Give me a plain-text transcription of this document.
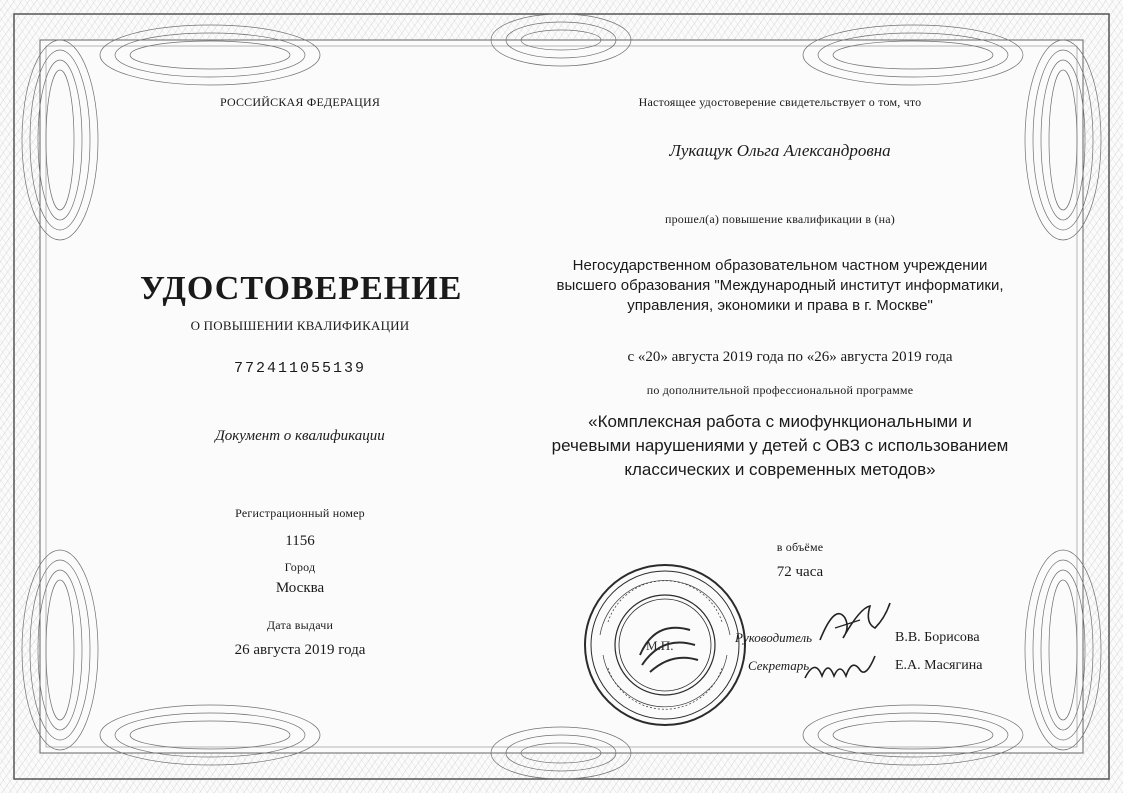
РОССИЙСКАЯ ФЕДЕРАЦИЯ
УДОСТОВЕРЕНИЕ
О ПОВЫШЕНИИ КВАЛИФИКАЦИИ
772411055139
Документ о квалификации
Регистрационный номер
1156
Город
Москва
Дата выдачи
26 августа 2019 года
Настоящее удостоверение свидетельствует о том, что
Лукащук Ольга Александровна
прошел(а) повышение квалификации в (на)
Негосударственном образовательном частном учреждении
высшего образования "Международный институт информатики,
управления, экономики и права в г. Москве"
с «20» августа 2019 года по «26» августа 2019 года
по дополнительной профессиональной программе
«Комплексная работа с миофункциональными и
речевыми нарушениями у детей с ОВЗ с использованием
классических и современных методов»
в объёме
72 часа
М.П.
Руководитель	В.В. Борисова
Секретарь	Е.А. Масягина
